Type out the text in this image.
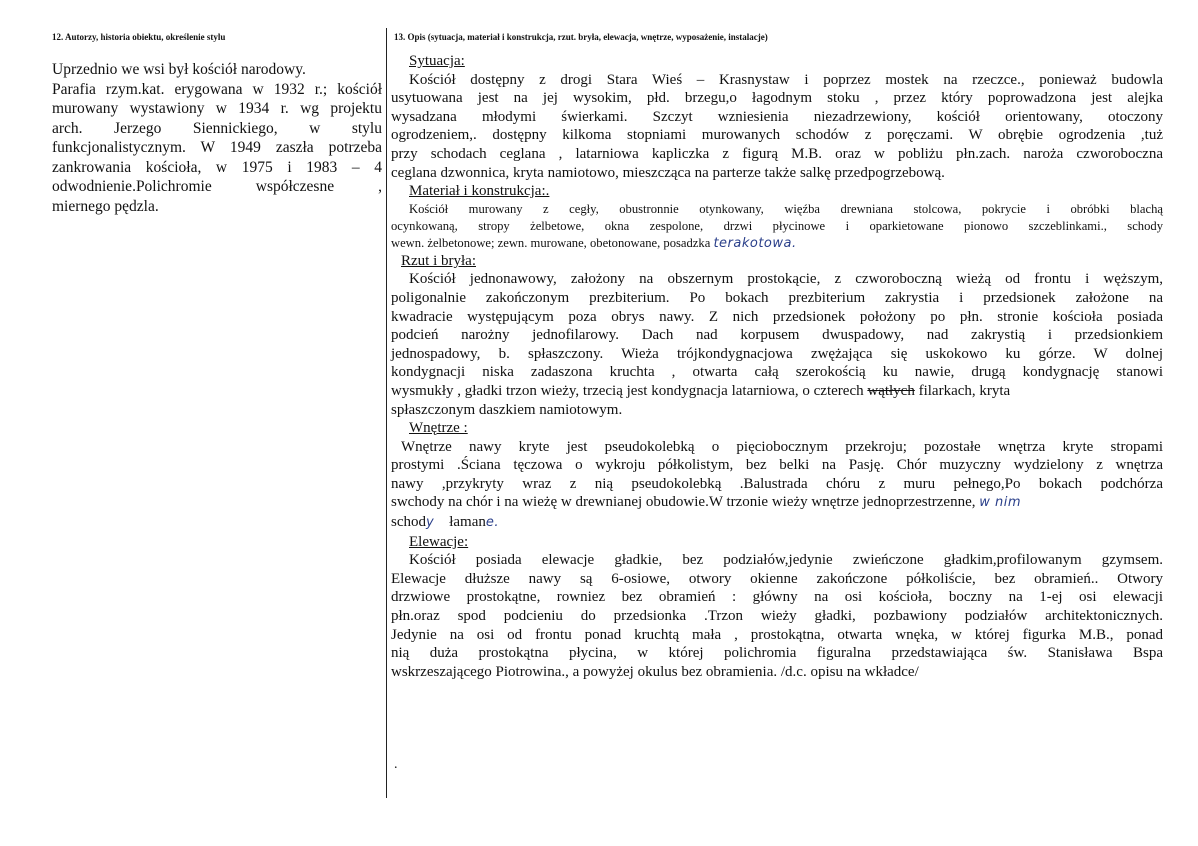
12. Autorzy, historia obiektu, określenie stylu	13. Opis (sytuacja, materiał i konstrukcja, rzut. bryła, elewacja, wnętrze, wyposażenie, instalacje)
Uprzednio we wsi był kościół narodowy.
Parafia rzym.kat. erygowana w 1932 r.; kościół
murowany wystawiony w 1934 r. wg projektu
arch. Jerzego Siennickiego, w stylu
funkcjonalistycznym. W 1949 zaszła potrzeba
zankrowania kościoła, w 1975 i 1983 – 4
odwodnienie.Polichromie współczesne ,
miernego pędzla.
Sytuacja:
Kościół dostępny z drogi Stara Wieś – Krasnystaw i poprzez mostek na rzeczce., ponieważ budowla
usytuowana jest na jej wysokim, płd. brzegu,o łagodnym stoku , przez który poprowadzona jest alejka
wysadzana młodymi świerkami. Szczyt wzniesienia niezadrzewiony, kościół orientowany, otoczony
ogrodzeniem,. dostępny kilkoma stopniami murowanych schodów z poręczami. W obrębie ogrodzenia ,tuż
przy schodach ceglana , latarniowa kapliczka z figurą M.B. oraz w pobliżu płn.zach. naroża czworoboczna
ceglana dzwonnica, kryta namiotowo, mieszcząca na parterze także salkę przedpogrzebową.
Materiał i konstrukcja:.
Kościół murowany z cegły, obustronnie otynkowany, więźba drewniana stolcowa, pokrycie i obróbki blachą
ocynkowaną, stropy żelbetowe, okna zespolone, drzwi płycinowe i oparkietowane pionowo szczeblinkami., schody
wewn. żelbetonowe; zewn. murowane, obetonowane, posadzka terakotowa.
Rzut i bryła:
Kościół jednonawowy, założony na obszernym prostokącie, z czworoboczną wieżą od frontu i węższym,
poligonalnie zakończonym prezbiterium. Po bokach prezbiterium zakrystia i przedsionek założone na
kwadracie występującym poza obrys nawy. Z nich przedsionek położony po płn. stronie kościoła posiada
podcień narożny jednofilarowy. Dach nad korpusem dwuspadowy, nad zakrystią i przedsionkiem
jednospadowy, b. spłaszczony. Wieża trójkondygnacjowa zwężająca się uskokowo ku górze. W dolnej
kondygnacji niska zadaszona kruchta , otwarta całą szerokością ku nawie, drugą kondygnację stanowi
wysmukły , gładki trzon wieży, trzecią jest kondygnacja latarniowa, o czterech wątłych filarkach, kryta
spłaszczonym daszkiem namiotowym.
Wnętrze :
Wnętrze nawy kryte jest pseudokolebką o pięciobocznym przekroju; pozostałe wnętrza kryte stropami
prostymi .Ściana tęczowa o wykroju półkolistym, bez belki na Pasję. Chór muzyczny wydzielony z wnętrza
nawy ,przykryty wraz z nią pseudokolebką .Balustrada chóru z muru pełnego,Po bokach podchórza
swchody na chór i na wieżę w drewnianej obudowie.W trzonie wieży wnętrze jednoprzestrzenne, w nim
schody łamane.
Elewacje:
Kościół posiada elewacje gładkie, bez podziałów,jedynie zwieńczone gładkim,profilowanym gzymsem.
Elewacje dłuższe nawy są 6-osiowe, otwory okienne zakończone półkoliście, bez obramień.. Otwory
drzwiowe prostokątne, rowniez bez obramień : główny na osi kościoła, boczny na 1-ej osi elewacji
płn.oraz spod podcieniu do przedsionka .Trzon wieży gładki, pozbawiony podziałów architektonicznych.
Jedynie na osi od frontu ponad kruchtą mała , prostokątna, otwarta wnęka, w której figurka M.B., ponad
nią duża prostokątna płycina, w której polichromia figuralna przedstawiająca św. Stanisława Bspa
wskrzeszającego Piotrowina., a powyżej okulus bez obramienia. /d.c. opisu na wkładce/
.
